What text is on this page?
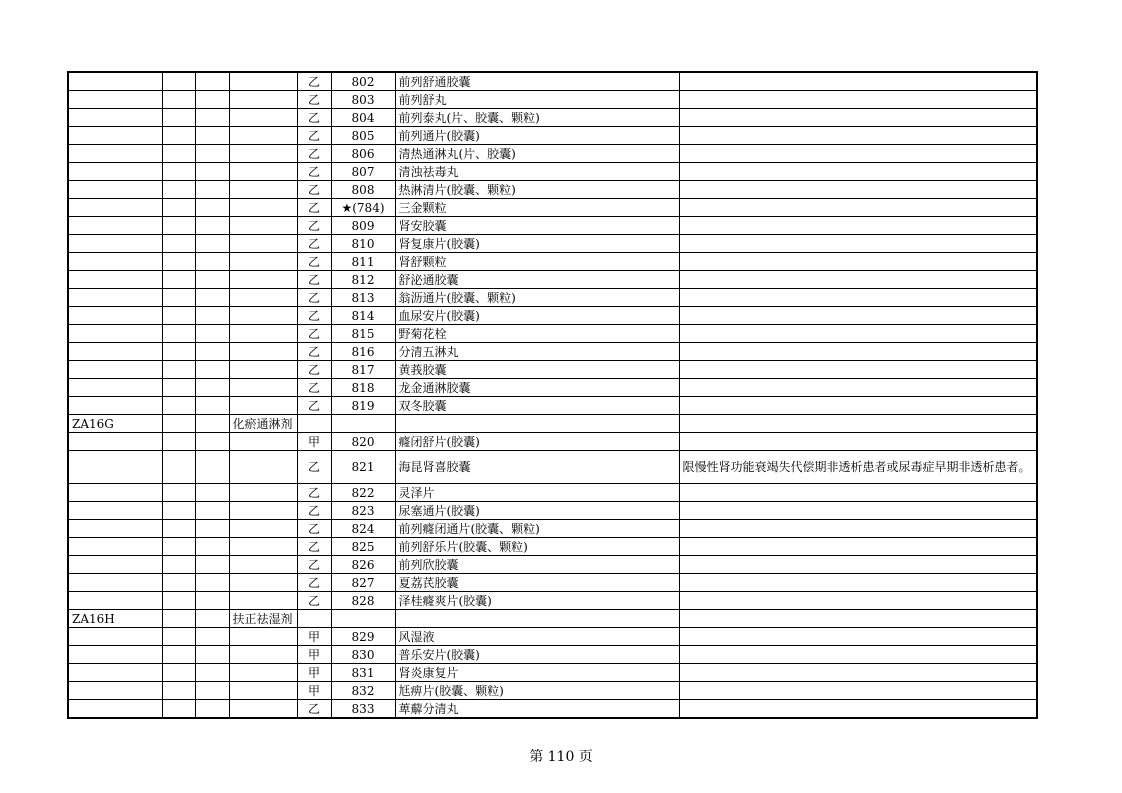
				乙	802	前列舒通胶囊	
				乙	803	前列舒丸	
				乙	804	前列泰丸(片、胶囊、颗粒)	
				乙	805	前列通片(胶囊)	
				乙	806	清热通淋丸(片、胶囊)	
				乙	807	清浊祛毒丸	
				乙	808	热淋清片(胶囊、颗粒)	
				乙	★(784)	三金颗粒	
				乙	809	肾安胶囊	
				乙	810	肾复康片(胶囊)	
				乙	811	肾舒颗粒	
				乙	812	舒泌通胶囊	
				乙	813	翁沥通片(胶囊、颗粒)	
				乙	814	血尿安片(胶囊)	
				乙	815	野菊花栓	
				乙	816	分清五淋丸	
				乙	817	黄莪胶囊	
				乙	818	龙金通淋胶囊	
				乙	819	双冬胶囊	
ZA16G			化瘀通淋剂				
				甲	820	癃闭舒片(胶囊)	
				乙	821	海昆肾喜胶囊	限慢性肾功能衰竭失代偿期非透析患者或尿毒症早期非透析患者。
				乙	822	灵泽片	
				乙	823	尿塞通片(胶囊)	
				乙	824	前列癃闭通片(胶囊、颗粒)	
				乙	825	前列舒乐片(胶囊、颗粒)	
				乙	826	前列欣胶囊	
				乙	827	夏荔芪胶囊	
				乙	828	泽桂癃爽片(胶囊)	
ZA16H			扶正祛湿剂				
				甲	829	风湿液	
				甲	830	普乐安片(胶囊)	
				甲	831	肾炎康复片	
				甲	832	尪痹片(胶囊、颗粒)	
				乙	833	萆薢分清丸	
第 110 页
